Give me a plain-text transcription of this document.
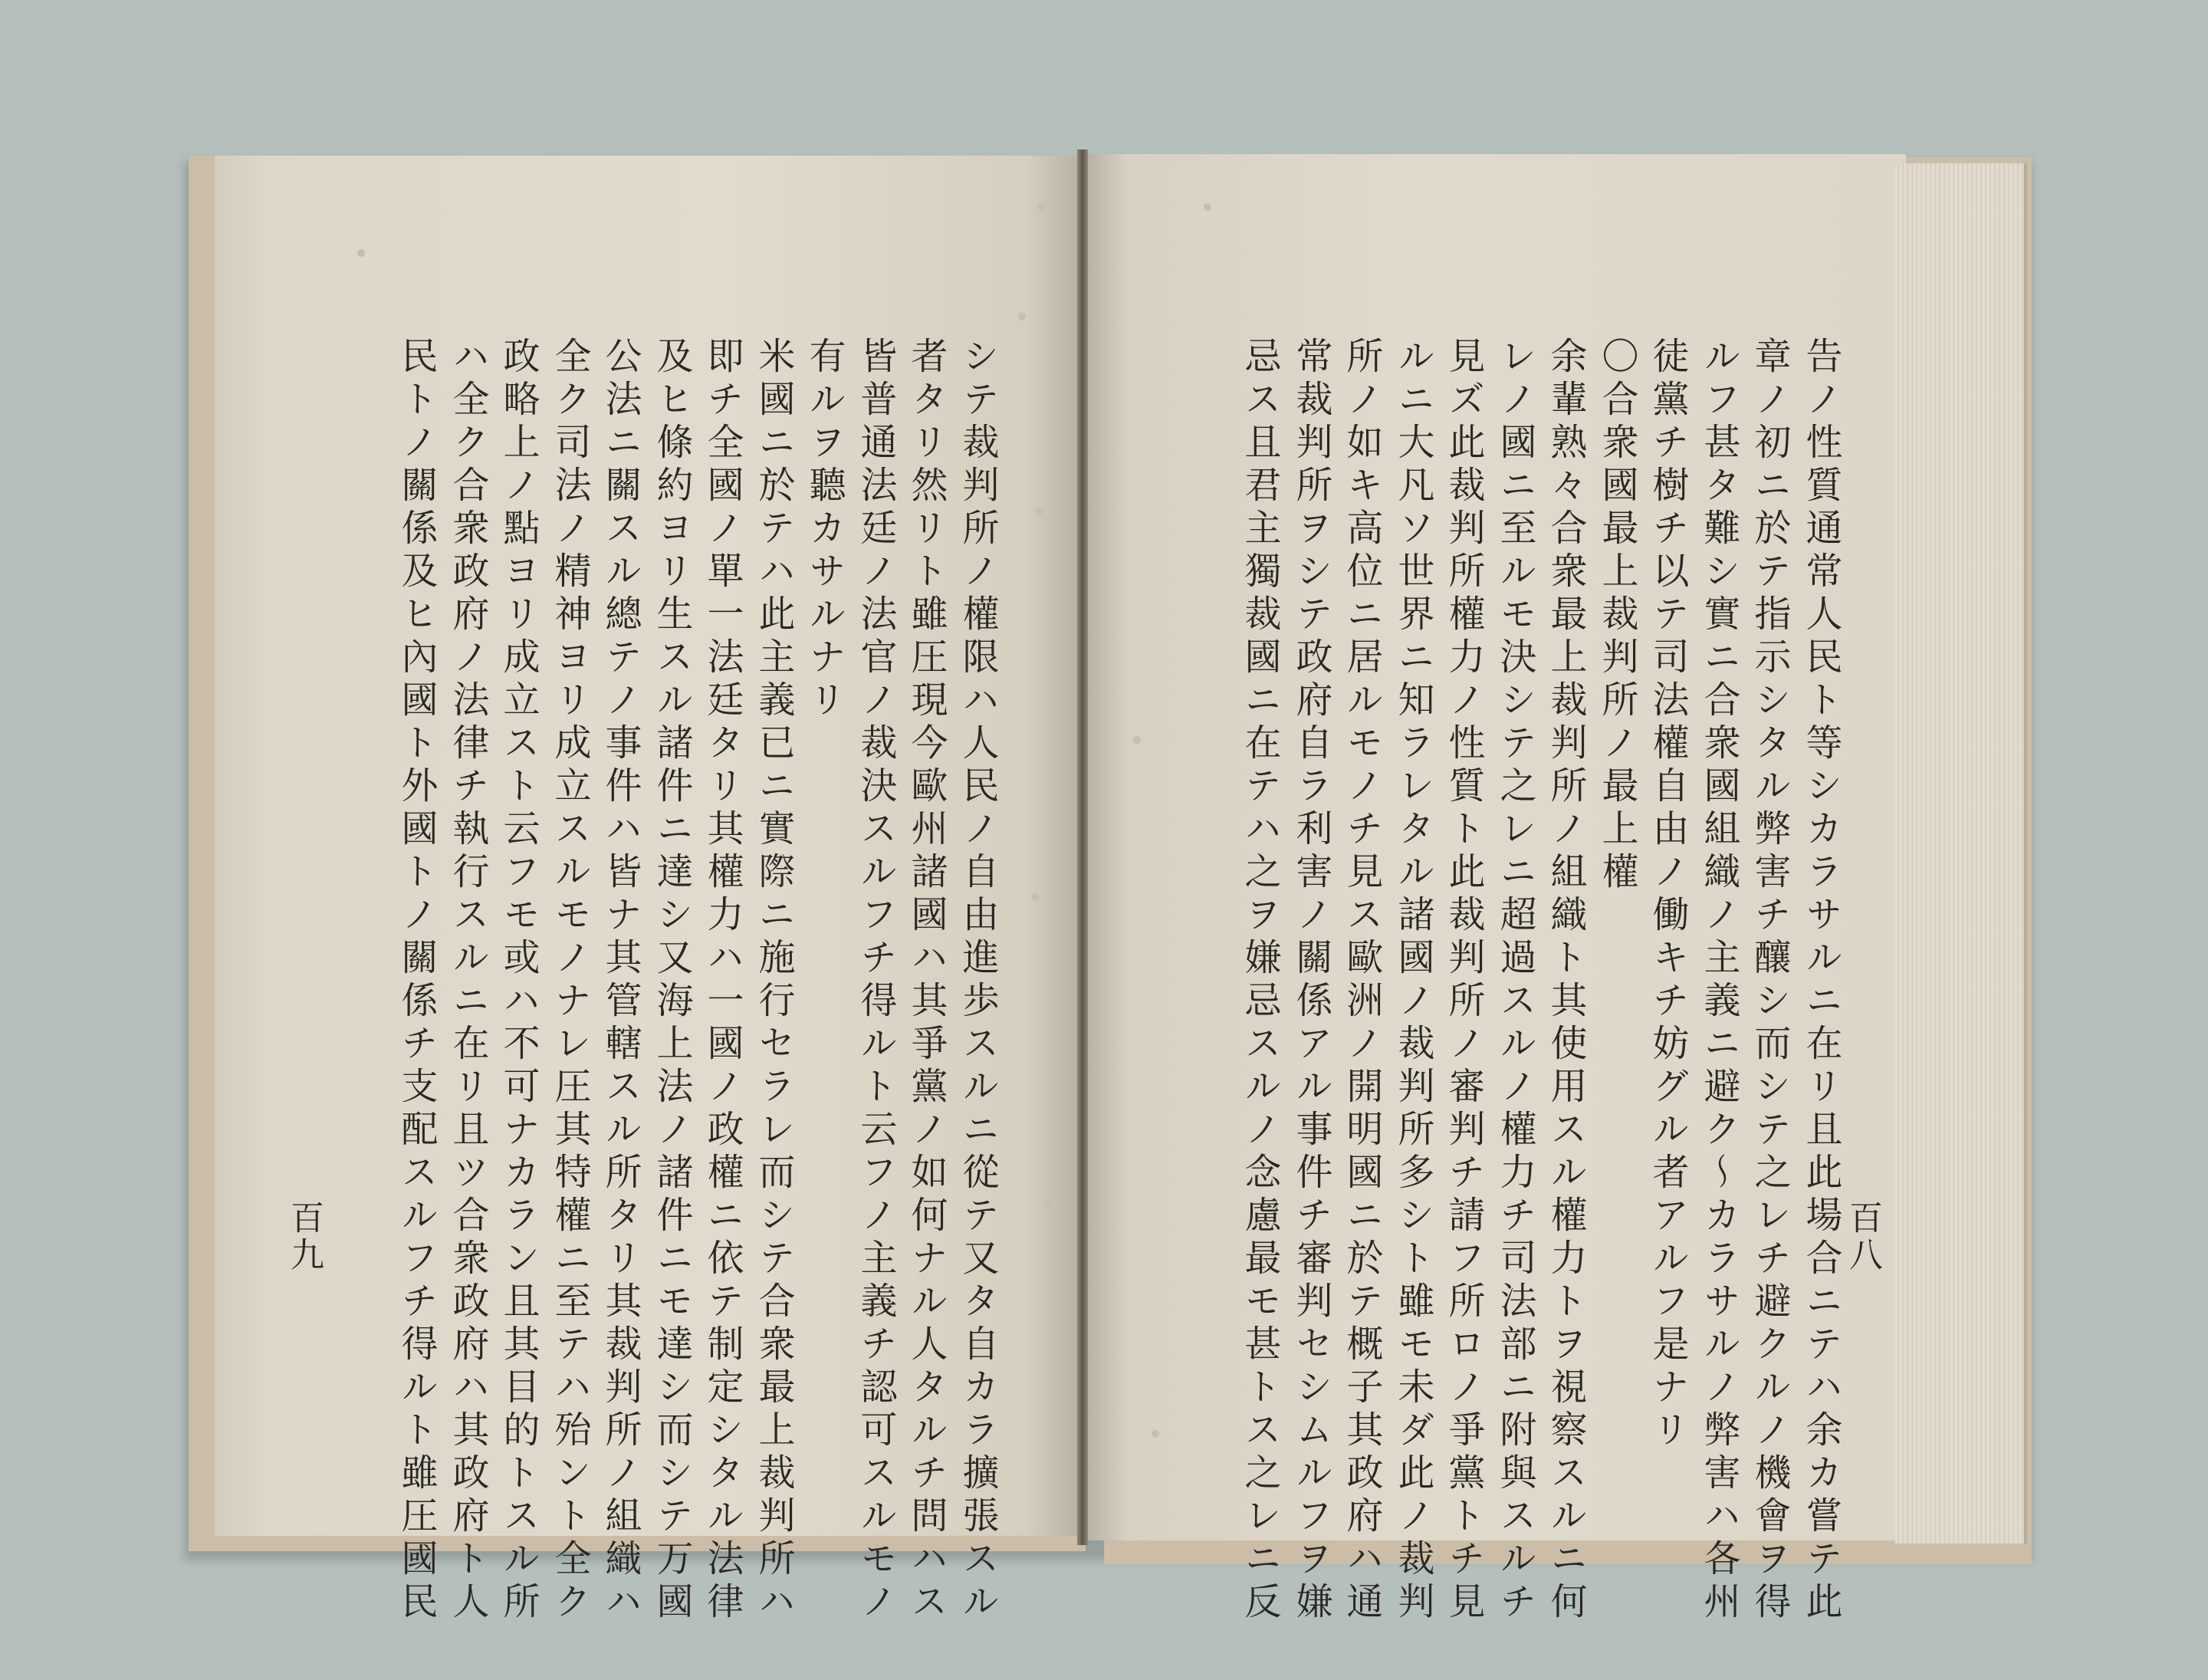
シテ裁判所ノ權限ハ人民ノ自由進歩スルニ從テ又タ自カラ擴張スル
者タリ然リト雖圧現今歐州諸國ハ其爭黨ノ如何ナル人タルチ問ハス
皆普通法廷ノ法官ノ裁決スルフチ得ルト云フノ主義チ認可スルモノ
有ルヲ聽カサルナリ
米國ニ於テハ此主義已ニ實際ニ施行セラレ而シテ合衆最上裁判所ハ
即チ全國ノ單一法廷タリ其權力ハ一國ノ政權ニ依テ制定シタル法律
及ヒ條約ヨリ生スル諸件ニ達シ又海上法ノ諸件ニモ達シ而シテ万國
公法ニ關スル總テノ事件ハ皆ナ其管轄スル所タリ其裁判所ノ組織ハ
全ク司法ノ精神ヨリ成立スルモノナレ圧其特權ニ至テハ殆ント全ク
政略上ノ點ヨリ成立スト云フモ或ハ不可ナカラン且其目的トスル所
ハ全ク合衆政府ノ法律チ執行スルニ在リ且ツ合衆政府ハ其政府ト人
民トノ關係及ヒ內國ト外國トノ關係チ支配スルフチ得ルト雖圧國民
百九	告ノ性質通常人民ト等シカラサルニ在リ且此場合ニテハ余カ嘗テ此
章ノ初ニ於テ指示シタル弊害チ釀シ而シテ之レチ避クルノ機會ヲ得
ルフ甚タ難シ實ニ合衆國組織ノ主義ニ避ク〜カラサルノ弊害ハ各州
徒黨チ樹チ以テ司法權自由ノ働キチ妨グル者アルフ是ナリ
〇合衆國最上裁判所ノ最上權
余輩熟々合衆最上裁判所ノ組織ト其使用スル權力トヲ視察スルニ何
レノ國ニ至ルモ決シテ之レニ超過スルノ權力チ司法部ニ附與スルチ
見ズ此裁判所權力ノ性質ト此裁判所ノ審判チ請フ所ロノ爭黨トチ見
ルニ大凡ソ世界ニ知ラレタル諸國ノ裁判所多シト雖モ未ダ此ノ裁判
所ノ如キ高位ニ居ルモノチ見ス歐洲ノ開明國ニ於テ概子其政府ハ通
常裁判所ヲシテ政府自ラ利害ノ關係アル事件チ審判セシムルフヲ嫌
忌ス且君主獨裁國ニ在テハ之ヲ嫌忌スルノ念慮最モ甚トス之レニ反	百八
